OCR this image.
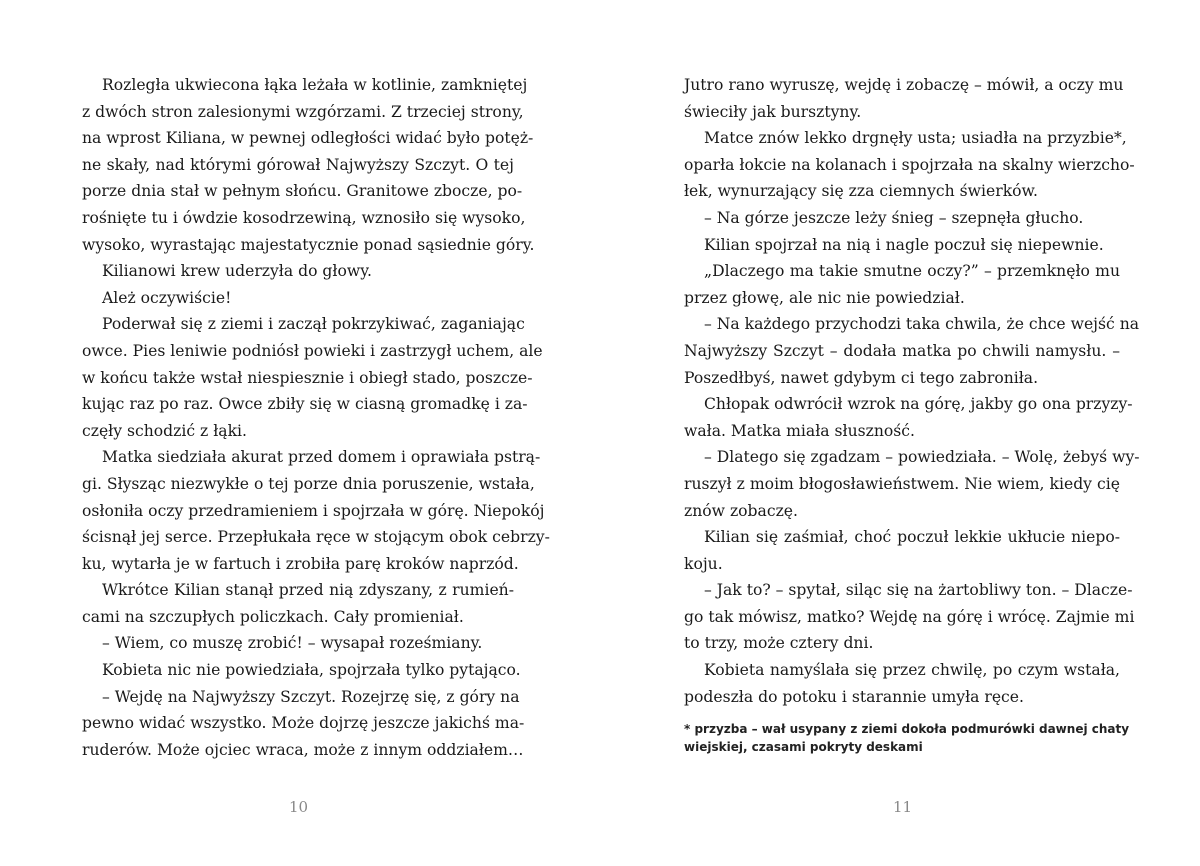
Rozległa ukwiecona łąka leżała w kotlinie, zamkniętej
z dwóch stron zalesionymi wzgórzami. Z trzeciej strony,
na wprost Kiliana, w pewnej odległości widać było potęż-
ne skały, nad którymi górował Najwyższy Szczyt. O tej
porze dnia stał w pełnym słońcu. Granitowe zbocze, po-
rośnięte tu i ówdzie kosodrzewiną, wznosiło się wysoko,
wysoko, wyrastając majestatycznie ponad sąsiednie góry.
Kilianowi krew uderzyła do głowy.
Ależ oczywiście!
Poderwał się z ziemi i zaczął pokrzykiwać, zaganiając
owce. Pies leniwie podniósł powieki i zastrzygł uchem, ale
w końcu także wstał niespiesznie i obiegł stado, poszcze-
kując raz po raz. Owce zbiły się w ciasną gromadkę i za-
częły schodzić z łąki.
Matka siedziała akurat przed domem i oprawiała pstrą-
gi. Słysząc niezwykłe o tej porze dnia poruszenie, wstała,
osłoniła oczy przedramieniem i spojrzała w górę. Niepokój
ścisnął jej serce. Przepłukała ręce w stojącym obok cebrzy-
ku, wytarła je w fartuch i zrobiła parę kroków naprzód.
Wkrótce Kilian stanął przed nią zdyszany, z rumień-
cami na szczupłych policzkach. Cały promieniał.
– Wiem, co muszę zrobić! – wysapał roześmiany.
Kobieta nic nie powiedziała, spojrzała tylko pytająco.
– Wejdę na Najwyższy Szczyt. Rozejrzę się, z góry na
pewno widać wszystko. Może dojrzę jeszcze jakichś ma-
ruderów. Może ojciec wraca, może z innym oddziałem…
Jutro rano wyruszę, wejdę i zobaczę – mówił, a oczy mu
świeciły jak bursztyny.
Matce znów lekko drgnęły usta; usiadła na przyzbie*,
oparła łokcie na kolanach i spojrzała na skalny wierzcho-
łek, wynurzający się zza ciemnych świerków.
– Na górze jeszcze leży śnieg – szepnęła głucho.
Kilian spojrzał na nią i nagle poczuł się niepewnie.
„Dlaczego ma takie smutne oczy?” – przemknęło mu
przez głowę, ale nic nie powiedział.
– Na każdego przychodzi taka chwila, że chce wejść na
Najwyższy Szczyt – dodała matka po chwili namysłu. –
Poszedłbyś, nawet gdybym ci tego zabroniła.
Chłopak odwrócił wzrok na górę, jakby go ona przyzy-
wała. Matka miała słuszność.
– Dlatego się zgadzam – powiedziała. – Wolę, żebyś wy-
ruszył z moim błogosławieństwem. Nie wiem, kiedy cię
znów zobaczę.
Kilian się zaśmiał, choć poczuł lekkie ukłucie niepo-
koju.
– Jak to? – spytał, siląc się na żartobliwy ton. – Dlacze-
go tak mówisz, matko? Wejdę na górę i wrócę. Zajmie mi
to trzy, może cztery dni.
Kobieta namyślała się przez chwilę, po czym wstała,
podeszła do potoku i starannie umyła ręce.
* przyzba – wał usypany z ziemi dokoła podmurówki dawnej chaty
wiejskiej, czasami pokryty deskami
10	11
